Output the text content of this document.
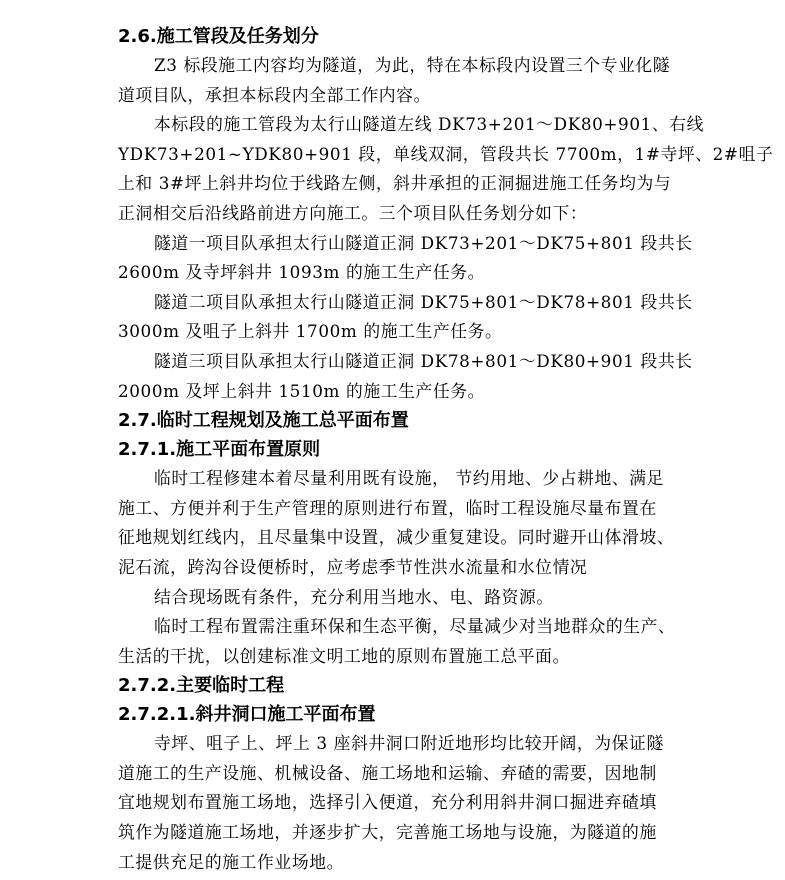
2.6.施工管段及任务划分
Z3 标段施工内容均为隧道，为此，特在本标段内设置三个专业化隧
道项目队，承担本标段内全部工作内容。
本标段的施工管段为太行山隧道左线 DK73+201～DK80+901、右线
YDK73+201~YDK80+901 段，单线双洞，管段共长 7700m，1#寺坪、2#咀子
上和 3#坪上斜井均位于线路左侧，斜井承担的正洞掘进施工任务均为与
正洞相交后沿线路前进方向施工。三个项目队任务划分如下：
隧道一项目队承担太行山隧道正洞 DK73+201～DK75+801 段共长
2600m 及寺坪斜井 1093m 的施工生产任务。
隧道二项目队承担太行山隧道正洞 DK75+801～DK78+801 段共长
3000m 及咀子上斜井 1700m 的施工生产任务。
隧道三项目队承担太行山隧道正洞 DK78+801～DK80+901 段共长
2000m 及坪上斜井 1510m 的施工生产任务。
2.7.临时工程规划及施工总平面布置
2.7.1.施工平面布置原则
临时工程修建本着尽量利用既有设施， 节约用地、少占耕地、满足
施工、方便并利于生产管理的原则进行布置，临时工程设施尽量布置在
征地规划红线内，且尽量集中设置，减少重复建设。同时避开山体滑坡、
泥石流，跨沟谷设便桥时，应考虑季节性洪水流量和水位情况
结合现场既有条件，充分利用当地水、电、路资源。
临时工程布置需注重环保和生态平衡，尽量减少对当地群众的生产、
生活的干扰，以创建标准文明工地的原则布置施工总平面。
2.7.2.主要临时工程
2.7.2.1.斜井洞口施工平面布置
寺坪、咀子上、坪上 3 座斜井洞口附近地形均比较开阔，为保证隧
道施工的生产设施、机械设备、施工场地和运输、弃碴的需要，因地制
宜地规划布置施工场地，选择引入便道，充分利用斜井洞口掘进弃碴填
筑作为隧道施工场地，并逐步扩大，完善施工场地与设施，为隧道的施
工提供充足的施工作业场地。
